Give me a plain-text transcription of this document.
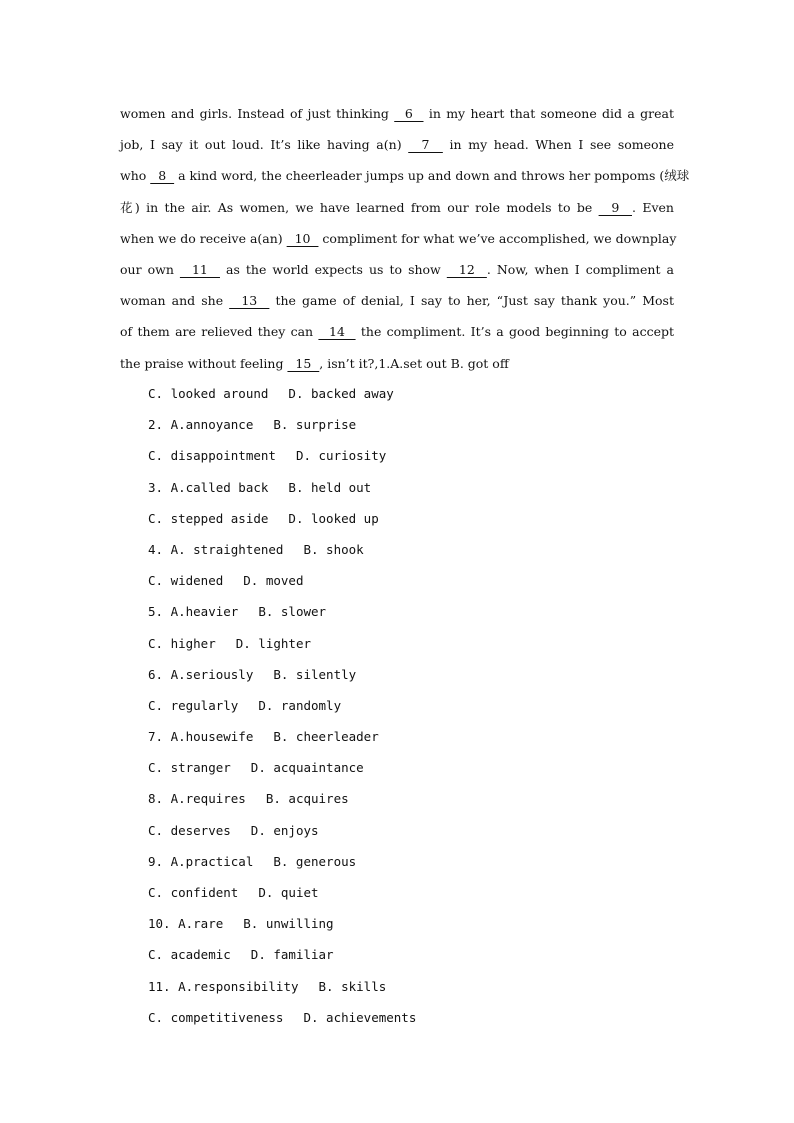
women and girls. Instead of just thinking   6   in my heart that someone did a great
job, I say it out loud. It’s like having a(n)   7   in my head. When I see someone
who   8   a kind word, the cheerleader jumps up and down and throws her pompoms (绒球
花) in the air. As women, we have learned from our role models to be   9  . Even
when we do receive a(an)   10   compliment for what we’ve accomplished, we downplay
our own   11   as the world expects us to show   12  . Now, when I compliment a
woman and she   13   the game of denial, I say to her, “Just say thank you.” Most
of them are relieved they can   14   the compliment. It’s a good beginning to accept
the praise without feeling   15  , isn’t it?,1.A.set out B. got off
C. looked around D. backed away
2. A.annoyance B. surprise
C. disappointment D. curiosity
3. A.called back B. held out
C. stepped aside D. looked up
4. A. straightened B. shook
C. widened D. moved
5. A.heavier B. slower
C. higher D. lighter
6. A.seriously B. silently
C. regularly D. randomly
7. A.housewife B. cheerleader
C. stranger D. acquaintance
8. A.requires B. acquires
C. deserves D. enjoys
9. A.practical B. generous
C. confident D. quiet
10. A.rare B. unwilling
C. academic D. familiar
11. A.responsibility B. skills
C. competitiveness D. achievements
